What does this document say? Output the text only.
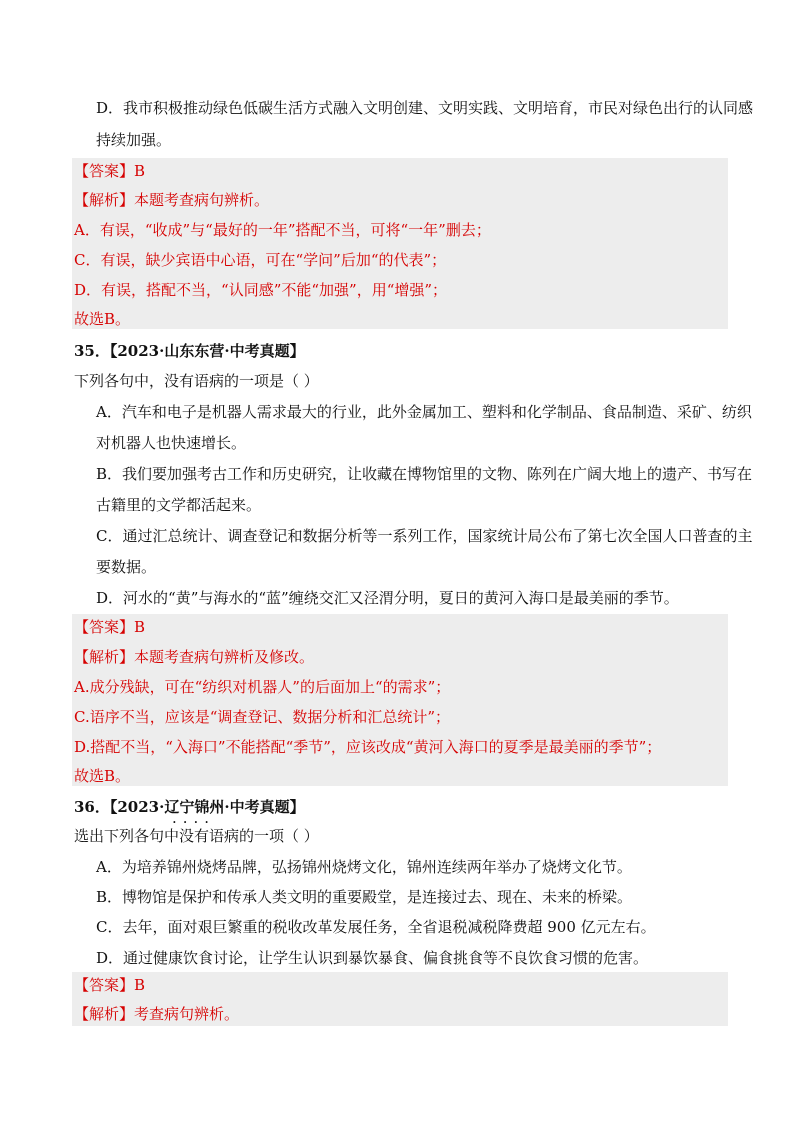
D．我市积极推动绿色低碳生活方式融入文明创建、文明实践、文明培育，市民对绿色出行的认同感
持续加强。
【答案】B
【解析】本题考查病句辨析。
A．有误，“收成”与“最好的一年”搭配不当，可将“一年”删去；
C．有误，缺少宾语中心语，可在“学问”后加“的代表”；
D．有误，搭配不当，“认同感”不能“加强”，用“增强”；
故选B。
35．【2023·山东东营·中考真题】
下列各句中，没有语病的一项是（ ）
A．汽车和电子是机器人需求最大的行业，此外金属加工、塑料和化学制品、食品制造、采矿、纺织
对机器人也快速增长。
B．我们要加强考古工作和历史研究，让收藏在博物馆里的文物、陈列在广阔大地上的遗产、书写在
古籍里的文学都活起来。
C．通过汇总统计、调查登记和数据分析等一系列工作，国家统计局公布了第七次全国人口普查的主
要数据。
D．河水的“黄”与海水的“蓝”缠绕交汇又泾渭分明，夏日的黄河入海口是最美丽的季节。
【答案】B
【解析】本题考查病句辨析及修改。
A.成分残缺，可在“纺织对机器人”的后面加上“的需求”；
C.语序不当，应该是“调查登记、数据分析和汇总统计”；
D.搭配不当，“入海口”不能搭配“季节”，应该改成“黄河入海口的夏季是最美丽的季节”；
故选B。
36．【2023·辽宁锦州·中考真题】
····
选出下列各句中没有语病的一项（ ）
A．为培养锦州烧烤品牌，弘扬锦州烧烤文化，锦州连续两年举办了烧烤文化节。
B．博物馆是保护和传承人类文明的重要殿堂，是连接过去、现在、未来的桥梁。
C．去年，面对艰巨繁重的税收改革发展任务，全省退税减税降费超 900 亿元左右。
D．通过健康饮食讨论，让学生认识到暴饮暴食、偏食挑食等不良饮食习惯的危害。
【答案】B
【解析】考查病句辨析。
